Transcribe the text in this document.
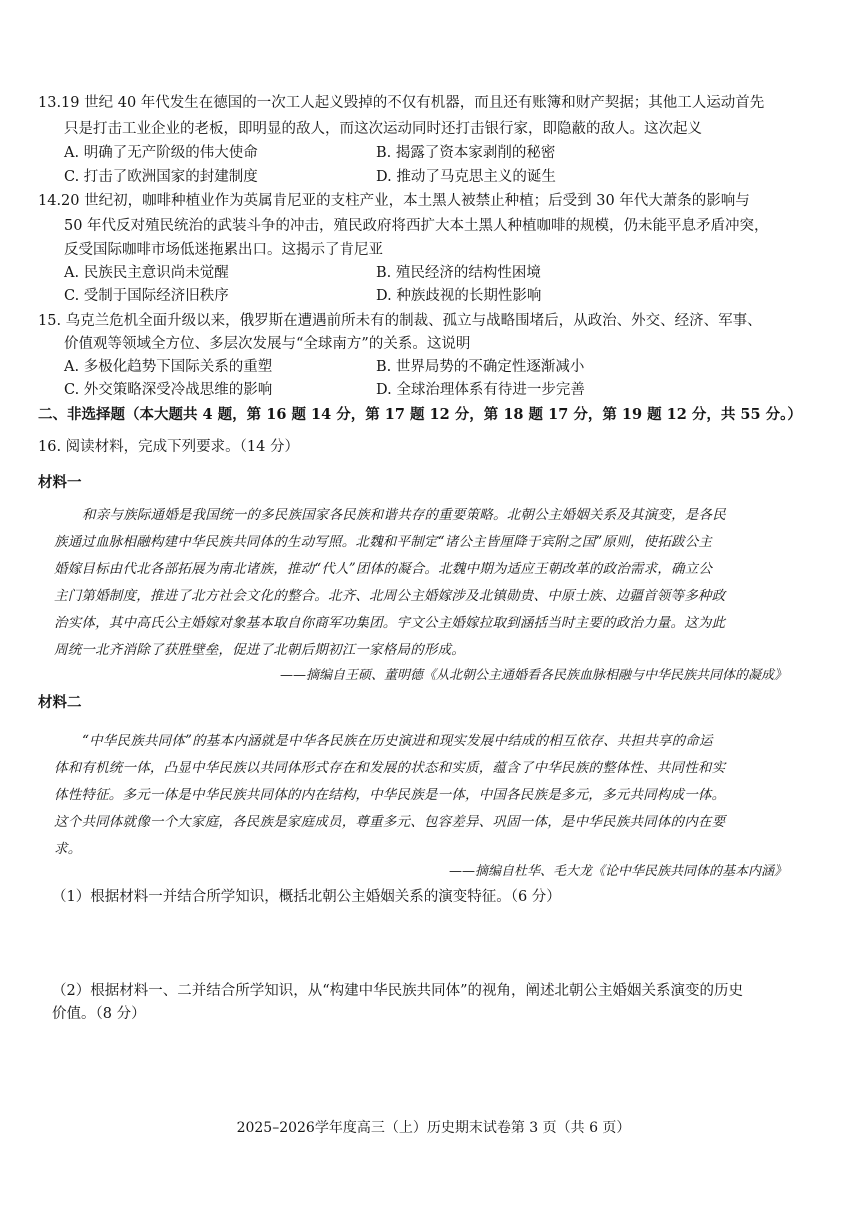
13.19 世纪 40 年代发生在德国的一次工人起义毁掉的不仅有机器，而且还有账簿和财产契据；其他工人运动首先
只是打击工业企业的老板，即明显的敌人，而这次运动同时还打击银行家，即隐蔽的敌人。这次起义
A. 明确了无产阶级的伟大使命	B. 揭露了资本家剥削的秘密
C. 打击了欧洲国家的封建制度	D. 推动了马克思主义的诞生
14.20 世纪初，咖啡种植业作为英属肯尼亚的支柱产业，本土黑人被禁止种植；后受到 30 年代大萧条的影响与
50 年代反对殖民统治的武装斗争的冲击，殖民政府将西扩大本土黑人种植咖啡的规模，仍未能平息矛盾冲突，
反受国际咖啡市场低迷拖累出口。这揭示了肯尼亚
A. 民族民主意识尚未觉醒	B. 殖民经济的结构性困境
C. 受制于国际经济旧秩序	D. 种族歧视的长期性影响
15. 乌克兰危机全面升级以来，俄罗斯在遭遇前所未有的制裁、孤立与战略围堵后，从政治、外交、经济、军事、
价值观等领域全方位、多层次发展与“全球南方”的关系。这说明
A. 多极化趋势下国际关系的重塑	B. 世界局势的不确定性逐渐减小
C. 外交策略深受冷战思维的影响	D. 全球治理体系有待进一步完善
二、非选择题（本大题共 4 题，第 16 题 14 分，第 17 题 12 分，第 18 题 17 分，第 19 题 12 分，共 55 分。）
16. 阅读材料，完成下列要求。（14 分）
材料一
和亲与族际通婚是我国统一的多民族国家各民族和谐共存的重要策略。北朝公主婚姻关系及其演变，是各民
族通过血脉相融构建中华民族共同体的生动写照。北魏和平制定“诸公主皆厘降于宾附之国”原则，使拓跋公主
婚嫁目标由代北各部拓展为南北诸族，推动“代人”团体的凝合。北魏中期为适应王朝改革的政治需求，确立公
主门第婚制度，推进了北方社会文化的整合。北齐、北周公主婚嫁涉及北镇勋贵、中原士族、边疆首领等多种政
治实体，其中高氏公主婚嫁对象基本取自你商军功集团。宇文公主婚嫁拉取到涵括当时主要的政治力量。这为此
周统一北齐消除了获胜壁垒，促进了北朝后期初江一家格局的形成。
——摘编自王硕、董明德《从北朝公主通婚看各民族血脉相融与中华民族共同体的凝成》
材料二
“中华民族共同体”的基本内涵就是中华各民族在历史演进和现实发展中结成的相互依存、共担共享的命运
体和有机统一体，凸显中华民族以共同体形式存在和发展的状态和实质，蕴含了中华民族的整体性、共同性和实
体性特征。多元一体是中华民族共同体的内在结构，中华民族是一体，中国各民族是多元，多元共同构成一体。
这个共同体就像一个大家庭，各民族是家庭成员，尊重多元、包容差异、巩固一体，是中华民族共同体的内在要
求。
——摘编自杜华、毛大龙《论中华民族共同体的基本内涵》
（1）根据材料一并结合所学知识，概括北朝公主婚姻关系的演变特征。（6 分）
（2）根据材料一、二并结合所学知识，从“构建中华民族共同体”的视角，阐述北朝公主婚姻关系演变的历史
价值。（8 分）
2025–2026学年度高三（上）历史期末试卷第 3 页（共 6 页）
